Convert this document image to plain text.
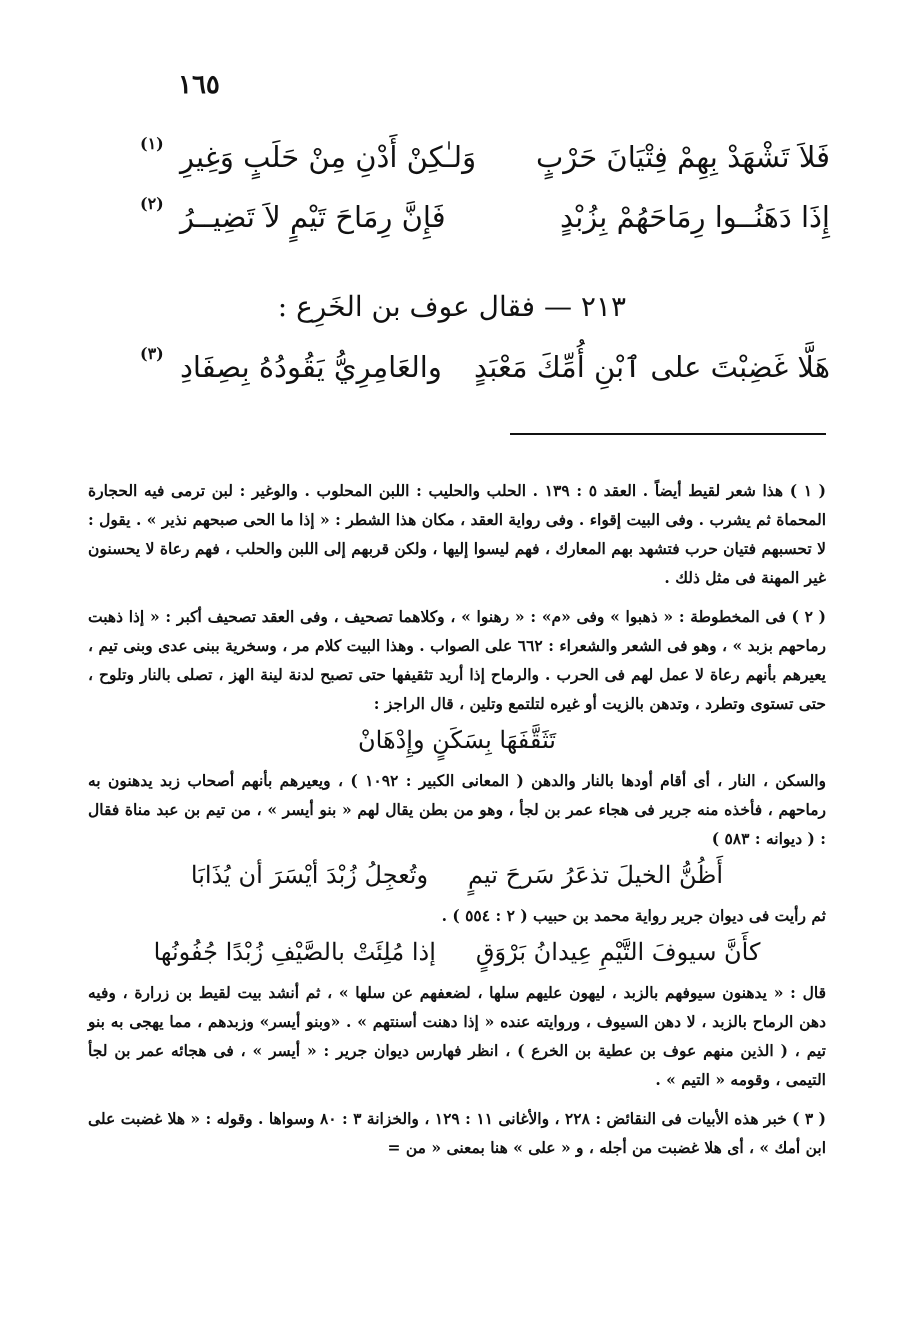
١٦٥
فَلاَ تَشْهَدْ بِهِمْ فِتْيَانَ حَرْبٍ
وَلـٰكِنْ أَدْنِ مِنْ حَلَبٍ وَغِيرِ
(١)
إِذَا دَهَنُــوا رِمَاحَهُمْ بِزُبْدٍ
فَإِنَّ رِمَاحَ تَيْمٍ لاَ تَضِيــرُ
(٢)
٢١٣ — فقال عوف بن الخَرِع :
هَلَّا غَضِبْتَ على ٱبْنِ أُمِّكَ مَعْبَدٍ
والعَامِرِيُّ يَقُودُهُ بِصِفَادِ
(٣)

( ١ ) هذا شعر لقيط أيضاً . العقد ٥ : ١٣٩ . الحلب والحليب : اللبن المحلوب . والوغير : لبن ترمى فيه الحجارة المحماة ثم يشرب . وفى البيت إقواء . وفى رواية العقد ، مكان هذا الشطر : « إذا ما الحى صبحهم نذير » . يقول : لا تحسبهم فتيان حرب فتشهد بهم المعارك ، فهم ليسوا إليها ، ولكن قربهم إلى اللبن والحلب ، فهم رعاة لا يحسنون غير المهنة فى مثل ذلك .

( ٢ ) فى المخطوطة : « ذهبوا » وفى «م» : « رهنوا » ، وكلاهما تصحيف ، وفى العقد تصحيف أكبر : « إذا ذهبت رماحهم بزبد » ، وهو فى الشعر والشعراء : ٦٦٢ على الصواب . وهذا البيت كلام مر ، وسخرية ببنى عدى وبنى تيم ، يعيرهم بأنهم رعاة لا عمل لهم فى الحرب . والرماح إذا أريد تثقيفها حتى تصبح لدنة لينة الهز ، تصلى بالنار وتلوح ، حتى تستوى وتطرد ، وتدهن بالزيت أو غيره لتلتمع وتلين ، قال الراجز :

تَثَقَّفَهَا بِسَكَنٍ وإِدْهَانْ

والسكن ، النار ، أى أقام أودها بالنار والدهن ( المعانى الكبير : ١٠٩٢ ) ، ويعيرهم بأنهم أصحاب زبد يدهنون به رماحهم ، فأخذه منه جرير فى هجاء عمر بن لجأ ، وهو من بطن يقال لهم « بنو أيسر » ، من تيم بن عبد مناة فقال : ( ديوانه : ٥٨٣ )

أَظُنُّ الخيلَ تذعَرُ سَرحَ تيمٍوتُعجِلُ زُبْدَ أيْسَرَ أن يُذَابَا

ثم رأيت فى ديوان جرير رواية محمد بن حبيب ( ٢ : ٥٥٤ ) .

كأَنَّ سيوفَ التَّيْمِ عِيدانُ بَرْوَقٍإذا مُلِئَتْ بالصَّيْفِ زُبْدًا جُفُونُها

قال : « يدهنون سيوفهم بالزبد ، ليهون عليهم سلها ، لضعفهم عن سلها » ، ثم أنشد بيت لقيط بن زرارة ، وفيه دهن الرماح بالزبد ، لا دهن السيوف ، وروايته عنده « إذا دهنت أسنتهم » . «وبنو أيسر» وزبدهم ، مما يهجى به بنو تيم ، ( الذين منهم عوف بن عطية بن الخرع ) ، انظر فهارس ديوان جرير : « أيسر » ، فى هجائه عمر بن لجأ التيمى ، وقومه « التيم » .

( ٣ ) خبر هذه الأبيات فى النقائض : ٢٢٨ ، والأغانى ١١ : ١٢٩ ، والخزانة ٣ : ٨٠ وسواها . وقوله : « هلا غضبت على ابن أمك » ، أى هلا غضبت من أجله ، و « على » هنا بمعنى « من =
